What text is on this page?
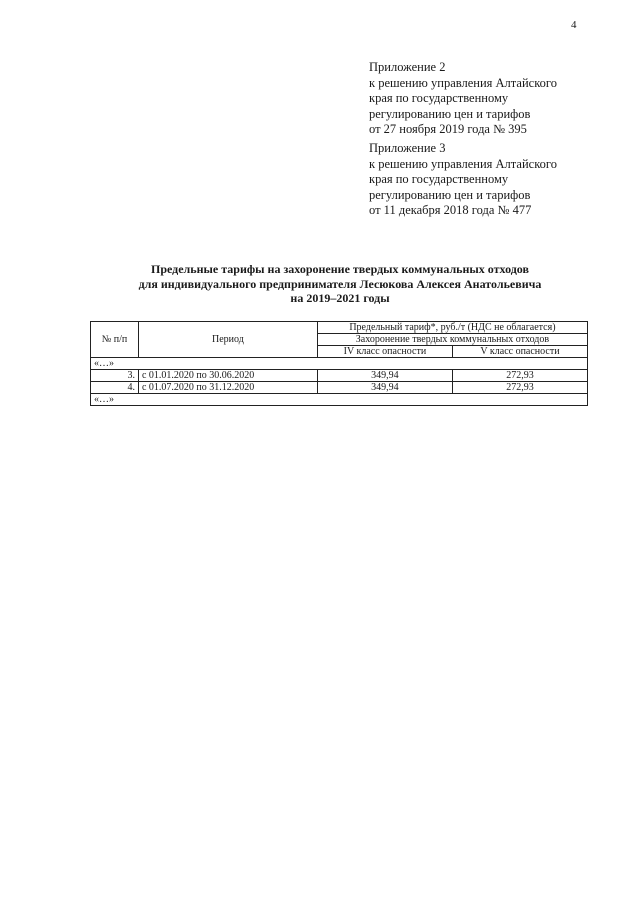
4
Приложение 2
к решению управления Алтайского
края по государственному
регулированию цен и тарифов
от 27 ноября 2019 года № 395
Приложение 3
к решению управления Алтайского
края по государственному
регулированию цен и тарифов
от 11 декабря 2018 года № 477
Предельные тарифы на захоронение твердых коммунальных отходов
для индивидуального предпринимателя Лесюкова Алексея Анатольевича
на 2019–2021 годы
№ п/п	Период	Предельный тариф*, руб./т (НДС не облагается)	
		Захоронение твердых коммунальных отходов	
		IV класс опасности	V класс опасности
«…»			
3.	с 01.01.2020 по 30.06.2020	349,94	272,93
4.	с 01.07.2020 по 31.12.2020	349,94	272,93
«…»			
